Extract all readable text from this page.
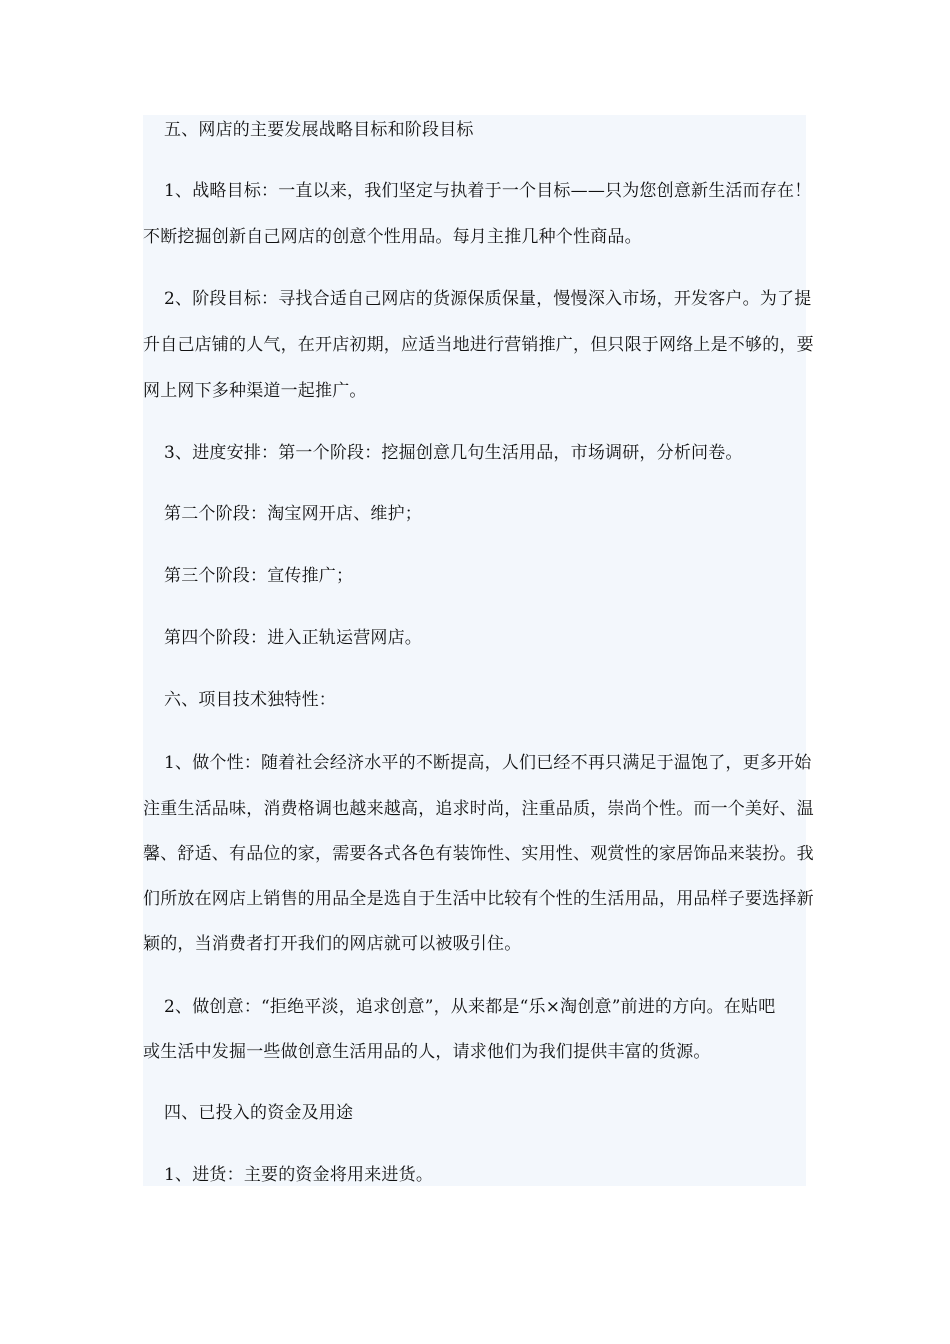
五、网店的主要发展战略目标和阶段目标
1、战略目标：一直以来，我们坚定与执着于一个目标——只为您创意新生活而存在！
不断挖掘创新自己网店的创意个性用品。每月主推几种个性商品。
2、阶段目标：寻找合适自己网店的货源保质保量，慢慢深入市场，开发客户。为了提
升自己店铺的人气，在开店初期，应适当地进行营销推广，但只限于网络上是不够的，要
网上网下多种渠道一起推广。
3、进度安排：第一个阶段：挖掘创意几句生活用品，市场调研，分析问卷。
第二个阶段：淘宝网开店、维护；
第三个阶段：宣传推广；
第四个阶段：进入正轨运营网店。
六、项目技术独特性：
1、做个性：随着社会经济水平的不断提高，人们已经不再只满足于温饱了，更多开始
注重生活品味，消费格调也越来越高，追求时尚，注重品质，崇尚个性。而一个美好、温
馨、舒适、有品位的家，需要各式各色有装饰性、实用性、观赏性的家居饰品来装扮。我
们所放在网店上销售的用品全是选自于生活中比较有个性的生活用品，用品样子要选择新
颖的，当消费者打开我们的网店就可以被吸引住。
2、做创意：“拒绝平淡，追求创意”，从来都是“乐×淘创意”前进的方向。在贴吧
或生活中发掘一些做创意生活用品的人，请求他们为我们提供丰富的货源。
四、已投入的资金及用途
1、进货：主要的资金将用来进货。
